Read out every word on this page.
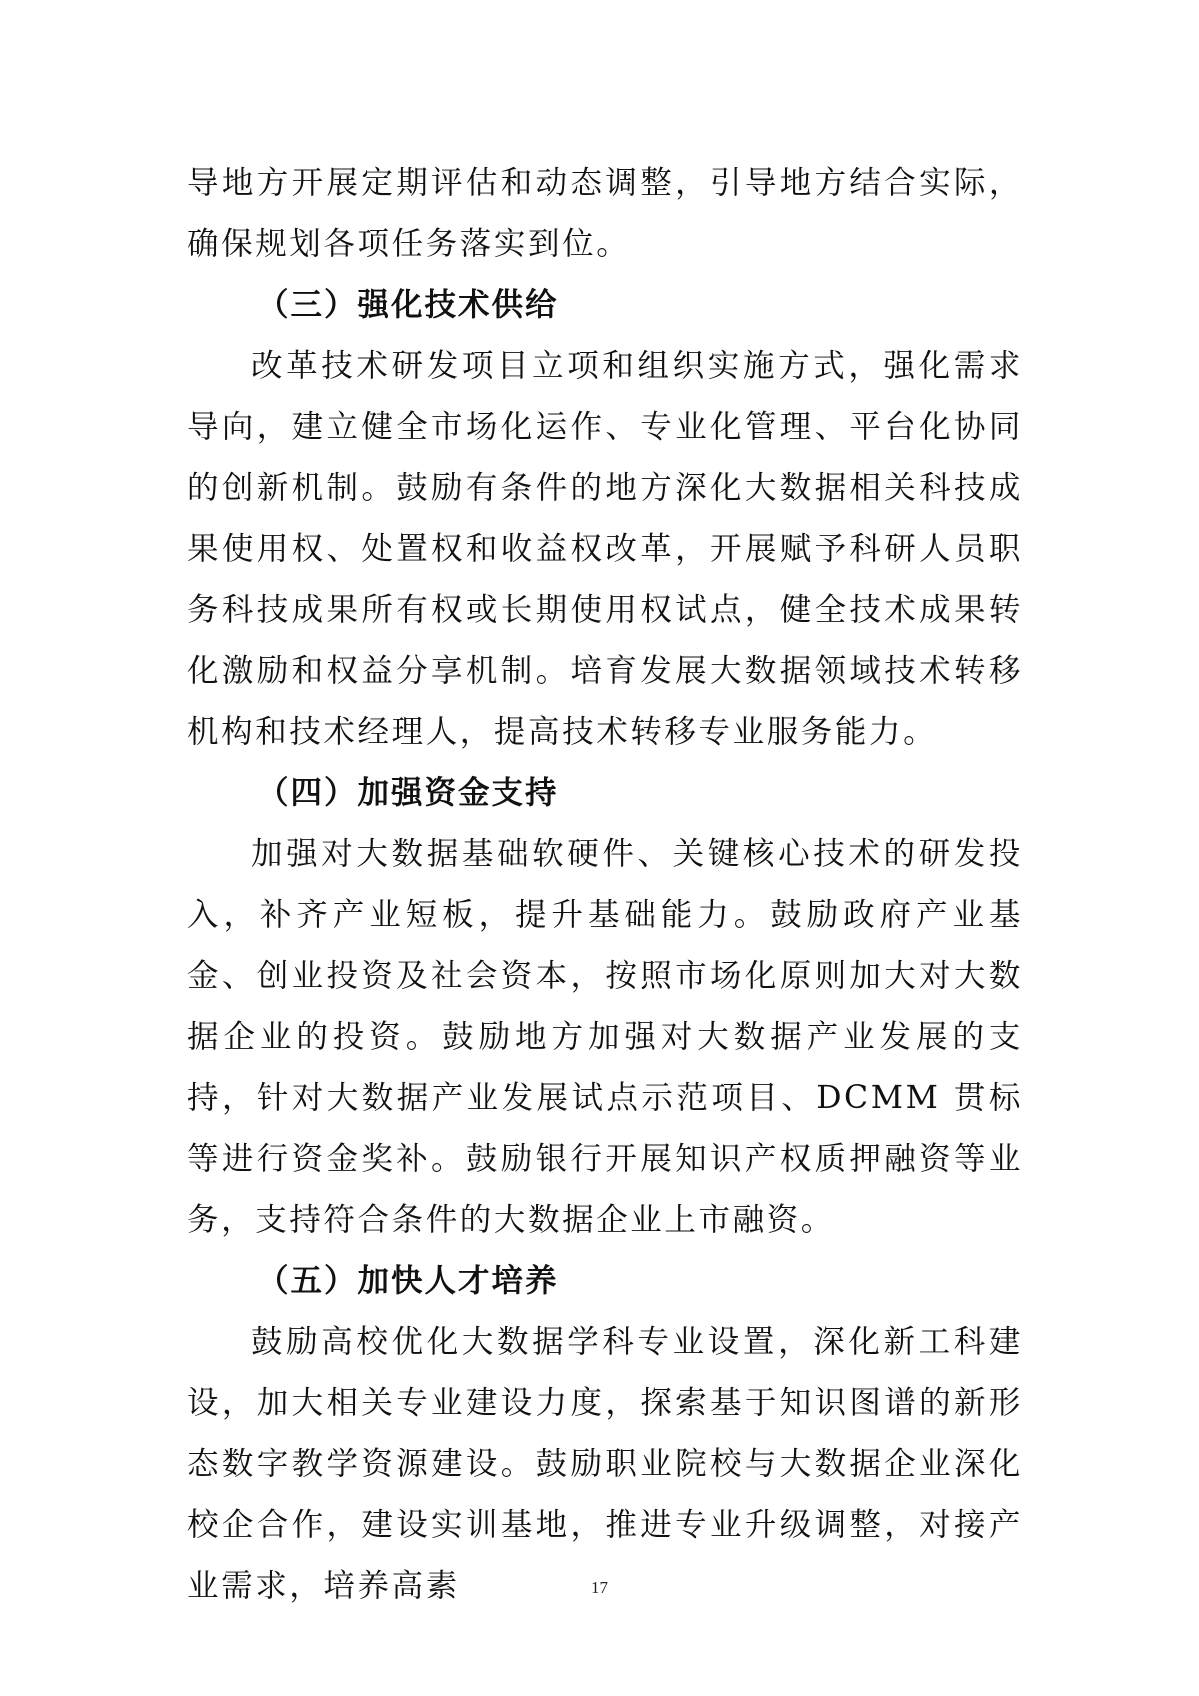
导地方开展定期评估和动态调整，引导地方结合实际，确保规划各项任务落实到位。

（三）强化技术供给

改革技术研发项目立项和组织实施方式，强化需求导向，建立健全市场化运作、专业化管理、平台化协同的创新机制。鼓励有条件的地方深化大数据相关科技成果使用权、处置权和收益权改革，开展赋予科研人员职务科技成果所有权或长期使用权试点，健全技术成果转化激励和权益分享机制。培育发展大数据领域技术转移机构和技术经理人，提高技术转移专业服务能力。

（四）加强资金支持

加强对大数据基础软硬件、关键核心技术的研发投入，补齐产业短板，提升基础能力。鼓励政府产业基金、创业投资及社会资本，按照市场化原则加大对大数据企业的投资。鼓励地方加强对大数据产业发展的支持，针对大数据产业发展试点示范项目、DCMM 贯标等进行资金奖补。鼓励银行开展知识产权质押融资等业务，支持符合条件的大数据企业上市融资。

（五）加快人才培养

鼓励高校优化大数据学科专业设置，深化新工科建设，加大相关专业建设力度，探索基于知识图谱的新形态数字教学资源建设。鼓励职业院校与大数据企业深化校企合作，建设实训基地，推进专业升级调整，对接产业需求，培养高素	17
